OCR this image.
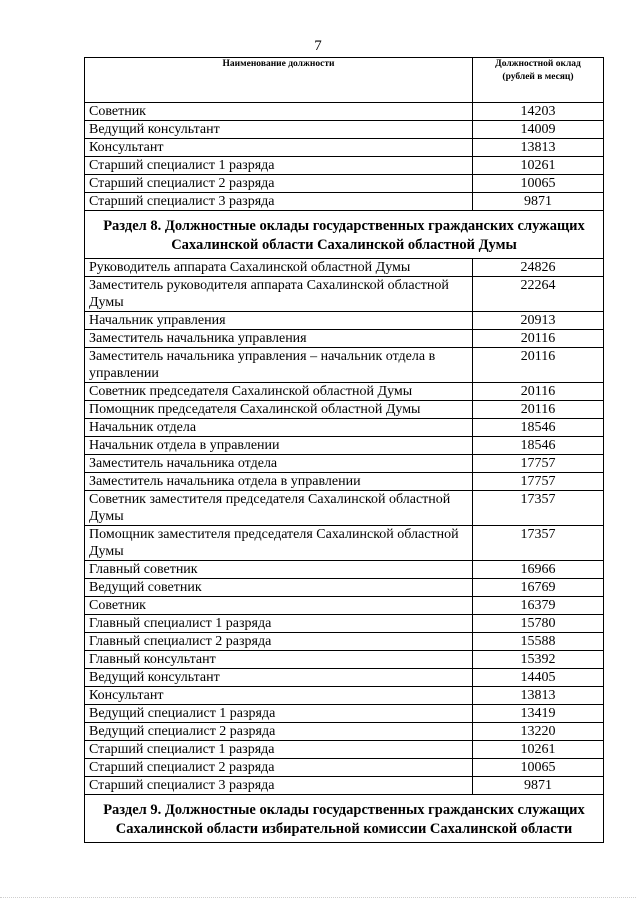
7
Наименование должности	Должностной оклад
(рублей в месяц)
Советник	14203
Ведущий консультант	14009
Консультант	13813
Старший специалист 1 разряда	10261
Старший специалист 2 разряда	10065
Старший специалист 3 разряда	9871
Раздел 8. Должностные оклады государственных гражданских служащих
Сахалинской области Сахалинской областной Думы	
Руководитель аппарата Сахалинской областной Думы	24826
Заместитель руководителя аппарата Сахалинской областной Думы	22264
Начальник управления	20913
Заместитель начальника управления	20116
Заместитель начальника управления – начальник отдела в управлении	20116
Советник председателя Сахалинской областной Думы	20116
Помощник председателя Сахалинской областной Думы	20116
Начальник отдела	18546
Начальник отдела в управлении	18546
Заместитель начальника отдела	17757
Заместитель начальника отдела в управлении	17757
Советник заместителя председателя Сахалинской областной Думы	17357
Помощник заместителя председателя Сахалинской областной Думы	17357
Главный советник	16966
Ведущий советник	16769
Советник	16379
Главный специалист 1 разряда	15780
Главный специалист 2 разряда	15588
Главный консультант	15392
Ведущий консультант	14405
Консультант	13813
Ведущий специалист 1 разряда	13419
Ведущий специалист 2 разряда	13220
Старший специалист 1 разряда	10261
Старший специалист 2 разряда	10065
Старший специалист 3 разряда	9871
Раздел 9. Должностные оклады государственных гражданских служащих
Сахалинской области избирательной комиссии Сахалинской области	
